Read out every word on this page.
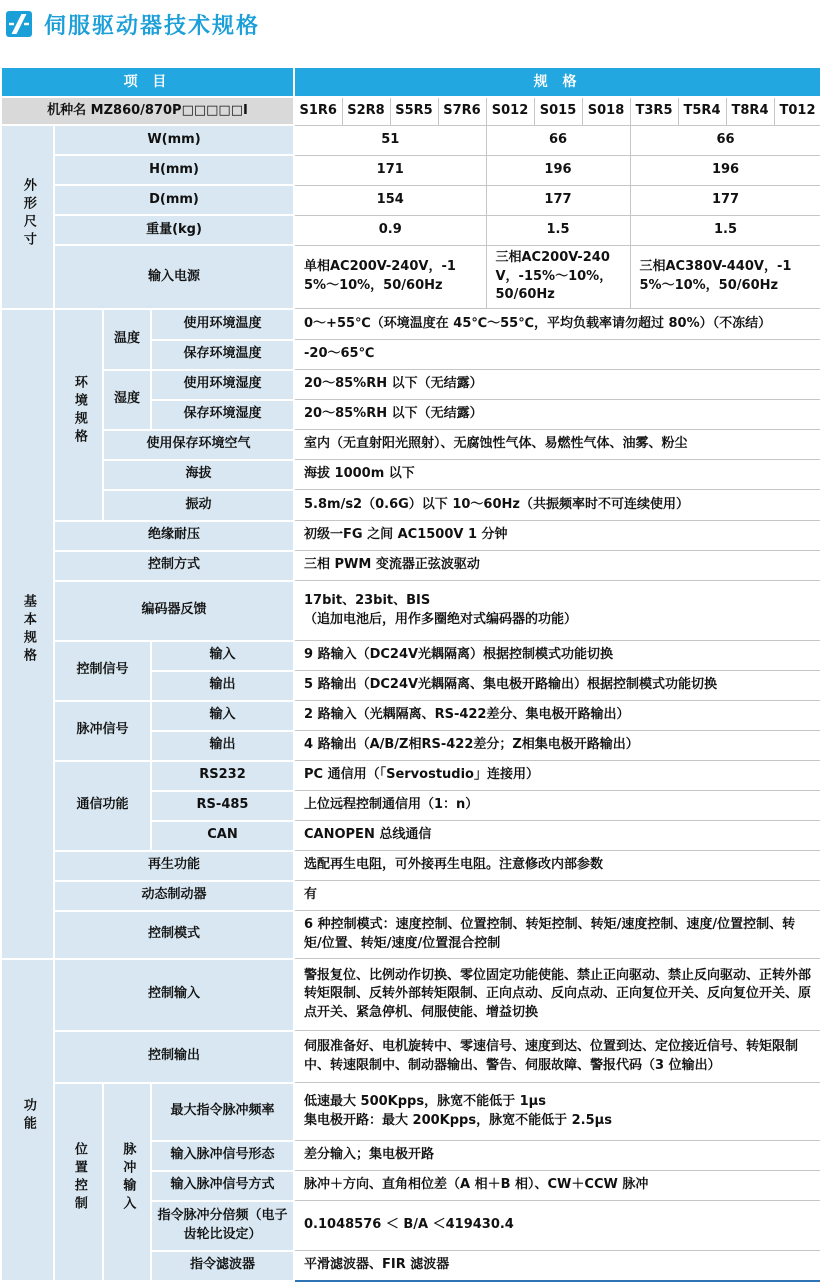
伺服驱动器技术规格
项 目				规 格										
机种名 MZ860/870P□□□□□I				S1R6	S2R8	S5R5	S7R6	S012	S015	S018	T3R5	T5R4	T8R4	T012
外形尺寸	W(mm)			51				66			66			
	H(mm)			171				196			196			
	D(mm)			154				177			177			
	重量(kg)			0.9				1.5			1.5			
	输入电源			单相AC200V-240V，-15%～10%，50/60Hz				三相AC200V-240V，-15%～10%，50/60Hz			三相AC380V-440V，-15%～10%，50/60Hz			
基本规格	环境规格	温度	使用环境温度	0～+55℃（环境温度在 45℃～55℃，平均负载率请勿超过 80%）（不冻结）										
			保存环境温度	-20～65℃										
		湿度	使用环境湿度	20～85%RH 以下（无结露）										
			保存环境湿度	20～85%RH 以下（无结露）										
		使用保存环境空气		室内（无直射阳光照射）、无腐蚀性气体、易燃性气体、油雾、粉尘										
		海拔		海拔 1000m 以下										
		振动		5.8m/s2（0.6G）以下 10～60Hz（共振频率时不可连续使用）										
	绝缘耐压			初级一FG 之间 AC1500V 1 分钟										
	控制方式			三相 PWM 变流器正弦波驱动										
	编码器反馈			17bit、23bit、BIS
（追加电池后，用作多圈绝对式编码器的功能）										

	控制信号		输入	9 路输入（DC24V光耦隔离）根据控制模式功能切换										
			输出	5 路输出（DC24V光耦隔离、集电极开路输出）根据控制模式功能切换										
	脉冲信号		输入	2 路输入（光耦隔离、RS-422差分、集电极开路输出）										
			输出	4 路输出（A/B/Z相RS-422差分；Z相集电极开路输出）										
	通信功能		RS232	PC 通信用（「Servostudio」连接用）										
			RS-485	上位远程控制通信用（1：n）										
			CAN	CANOPEN 总线通信										
	再生功能			选配再生电阻，可外接再生电阻。注意修改内部参数										
	动态制动器			有										
	控制模式			6 种控制模式：速度控制、位置控制、转矩控制、转矩/速度控制、速度/位置控制、转矩/位置、转矩/速度/位置混合控制										
功能	控制输入			警报复位、比例动作切换、零位固定功能使能、禁止正向驱动、禁止反向驱动、正转外部转矩限制、反转外部转矩限制、正向点动、反向点动、正向复位开关、反向复位开关、原点开关、紧急停机、伺服使能、增益切换										
	控制输出			伺服准备好、电机旋转中、零速信号、速度到达、位置到达、定位接近信号、转矩限制中、转速限制中、制动器输出、警告、伺服故障、警报代码（3 位输出）										
	位置控制	脉冲输入	最大指令脉冲频率	低速最大 500Kpps，脉宽不能低于 1μs
集电极开路：最大 200Kpps，脉宽不能低于 2.5μs										

			输入脉冲信号形态	差分输入；集电极开路										
			输入脉冲信号方式	脉冲＋方向、直角相位差（A 相＋B 相）、CW＋CCW 脉冲										
			指令脉冲分倍频（电子齿轮比设定）	0.1048576 ＜ B/A ＜419430.4										
			指令滤波器	平滑滤波器、FIR 滤波器										
